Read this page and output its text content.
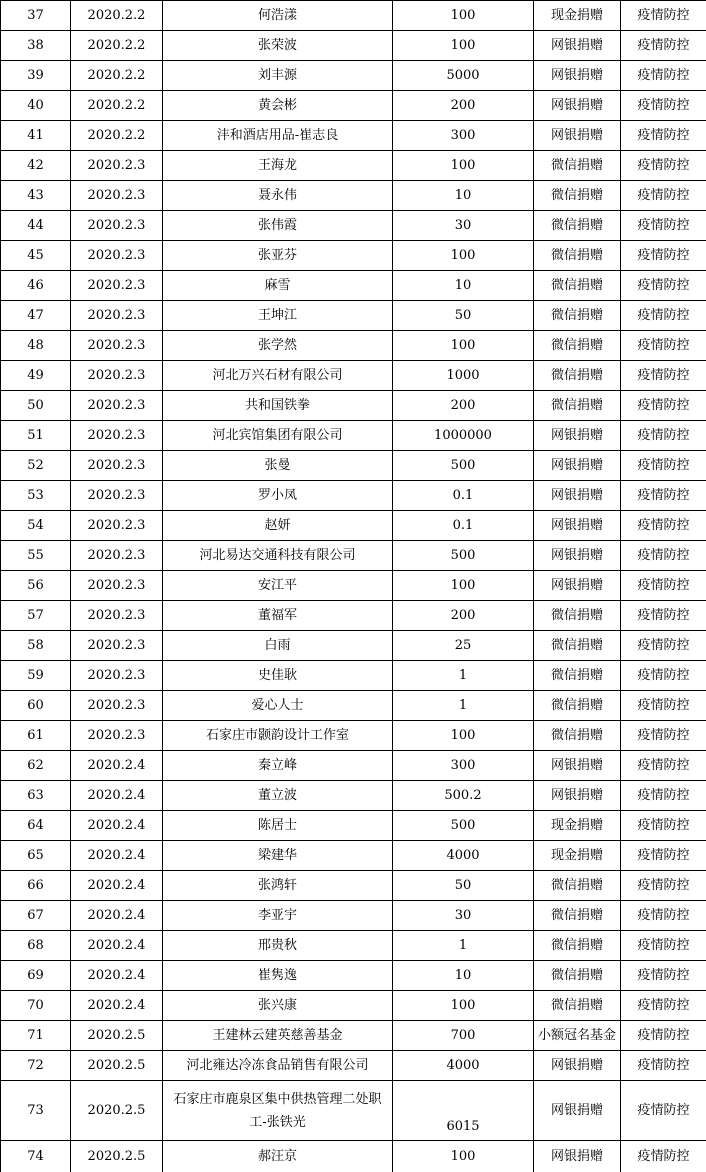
37	2020.2.2	何浩漾	100	现金捐赠	疫情防控
38	2020.2.2	张荣波	100	网银捐赠	疫情防控
39	2020.2.2	刘丰源	5000	网银捐赠	疫情防控
40	2020.2.2	黄会彬	200	网银捐赠	疫情防控
41	2020.2.2	沣和酒店用品-崔志良	300	网银捐赠	疫情防控
42	2020.2.3	王海龙	100	微信捐赠	疫情防控
43	2020.2.3	聂永伟	10	微信捐赠	疫情防控
44	2020.2.3	张伟霞	30	微信捐赠	疫情防控
45	2020.2.3	张亚芬	100	微信捐赠	疫情防控
46	2020.2.3	麻雪	10	微信捐赠	疫情防控
47	2020.2.3	王坤江	50	微信捐赠	疫情防控
48	2020.2.3	张学然	100	微信捐赠	疫情防控
49	2020.2.3	河北万兴石材有限公司	1000	微信捐赠	疫情防控
50	2020.2.3	共和国铁拳	200	微信捐赠	疫情防控
51	2020.2.3	河北宾馆集团有限公司	1000000	网银捐赠	疫情防控
52	2020.2.3	张曼	500	网银捐赠	疫情防控
53	2020.2.3	罗小凤	0.1	网银捐赠	疫情防控
54	2020.2.3	赵妍	0.1	网银捐赠	疫情防控
55	2020.2.3	河北易达交通科技有限公司	500	网银捐赠	疫情防控
56	2020.2.3	安江平	100	网银捐赠	疫情防控
57	2020.2.3	董福军	200	微信捐赠	疫情防控
58	2020.2.3	白雨	25	微信捐赠	疫情防控
59	2020.2.3	史佳耿	1	微信捐赠	疫情防控
60	2020.2.3	爱心人士	1	微信捐赠	疫情防控
61	2020.2.3	石家庄市颢韵设计工作室	100	微信捐赠	疫情防控
62	2020.2.4	秦立峰	300	网银捐赠	疫情防控
63	2020.2.4	董立波	500.2	网银捐赠	疫情防控
64	2020.2.4	陈居士	500	现金捐赠	疫情防控
65	2020.2.4	梁建华	4000	现金捐赠	疫情防控
66	2020.2.4	张鸿轩	50	微信捐赠	疫情防控
67	2020.2.4	李亚宇	30	微信捐赠	疫情防控
68	2020.2.4	邢贵秋	1	微信捐赠	疫情防控
69	2020.2.4	崔隽逸	10	微信捐赠	疫情防控
70	2020.2.4	张兴康	100	微信捐赠	疫情防控
71	2020.2.5	王建林云建英慈善基金	700	小额冠名基金	疫情防控
72	2020.2.5	河北雍达冷冻食品销售有限公司	4000	网银捐赠	疫情防控
73	2020.2.5	石家庄市鹿泉区集中供热管理二处职工-张铁光	6015	网银捐赠	疫情防控
74	2020.2.5	郝汪京	100	网银捐赠	疫情防控
